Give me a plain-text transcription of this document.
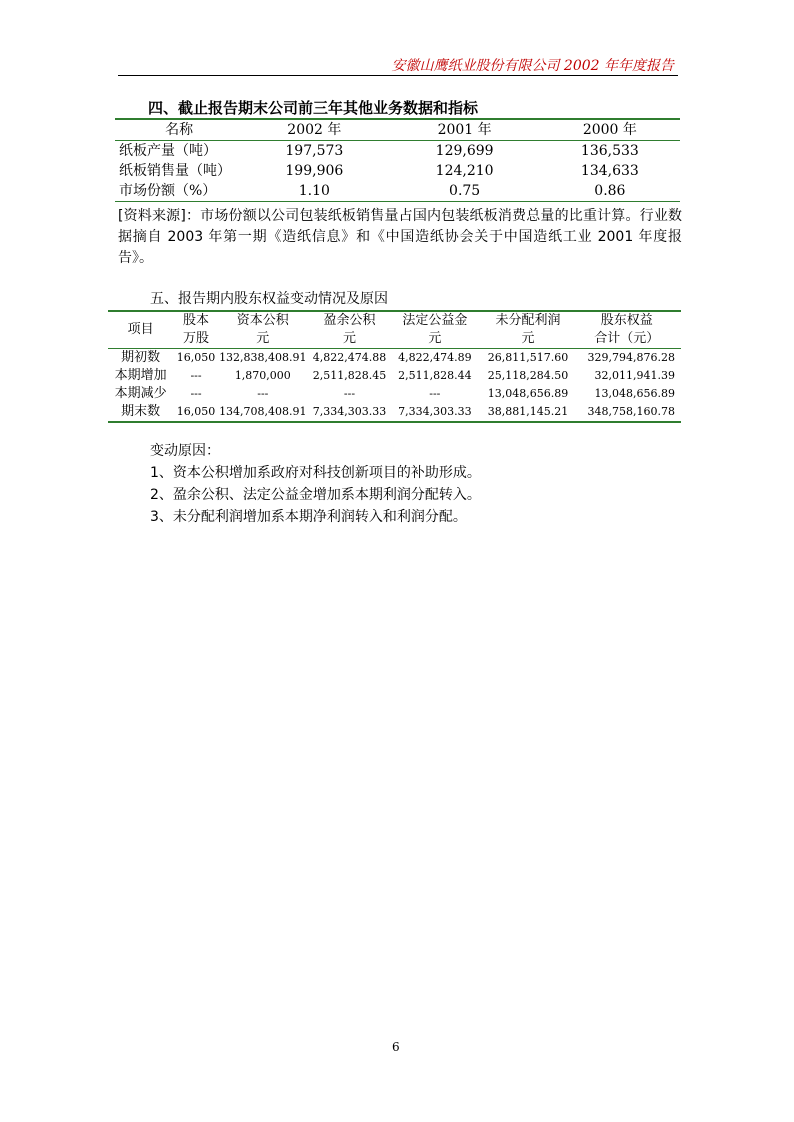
安徽山鹰纸业股份有限公司 2002 年年度报告
四、截止报告期末公司前三年其他业务数据和指标
名称	2002 年	2001 年	2000 年
纸板产量（吨）	197,573	129,699	136,533
纸板销售量（吨）	199,906	124,210	134,633
市场份额（%）	1.10	0.75	0.86
[资料来源]：市场份额以公司包装纸板销售量占国内包装纸板消费总量的比重计算。行业数据摘自 2003 年第一期《造纸信息》和《中国造纸协会关于中国造纸工业 2001 年度报告》。
五、报告期内股东权益变动情况及原因
项目	股本	资本公积	盈余公积	法定公益金	未分配利润	股东权益
	万股	元	元	元	元	合计（元）
期初数	16,050	132,838,408.91	4,822,474.88	4,822,474.89	26,811,517.60	329,794,876.28
本期增加	---	1,870,000	2,511,828.45	2,511,828.44	25,118,284.50	32,011,941.39
本期减少	---	---	---	---	13,048,656.89	13,048,656.89
期末数	16,050	134,708,408.91	7,334,303.33	7,334,303.33	38,881,145.21	348,758,160.78
变动原因：
1、资本公积增加系政府对科技创新项目的补助形成。
2、盈余公积、法定公益金增加系本期利润分配转入。
3、未分配利润增加系本期净利润转入和利润分配。
6
